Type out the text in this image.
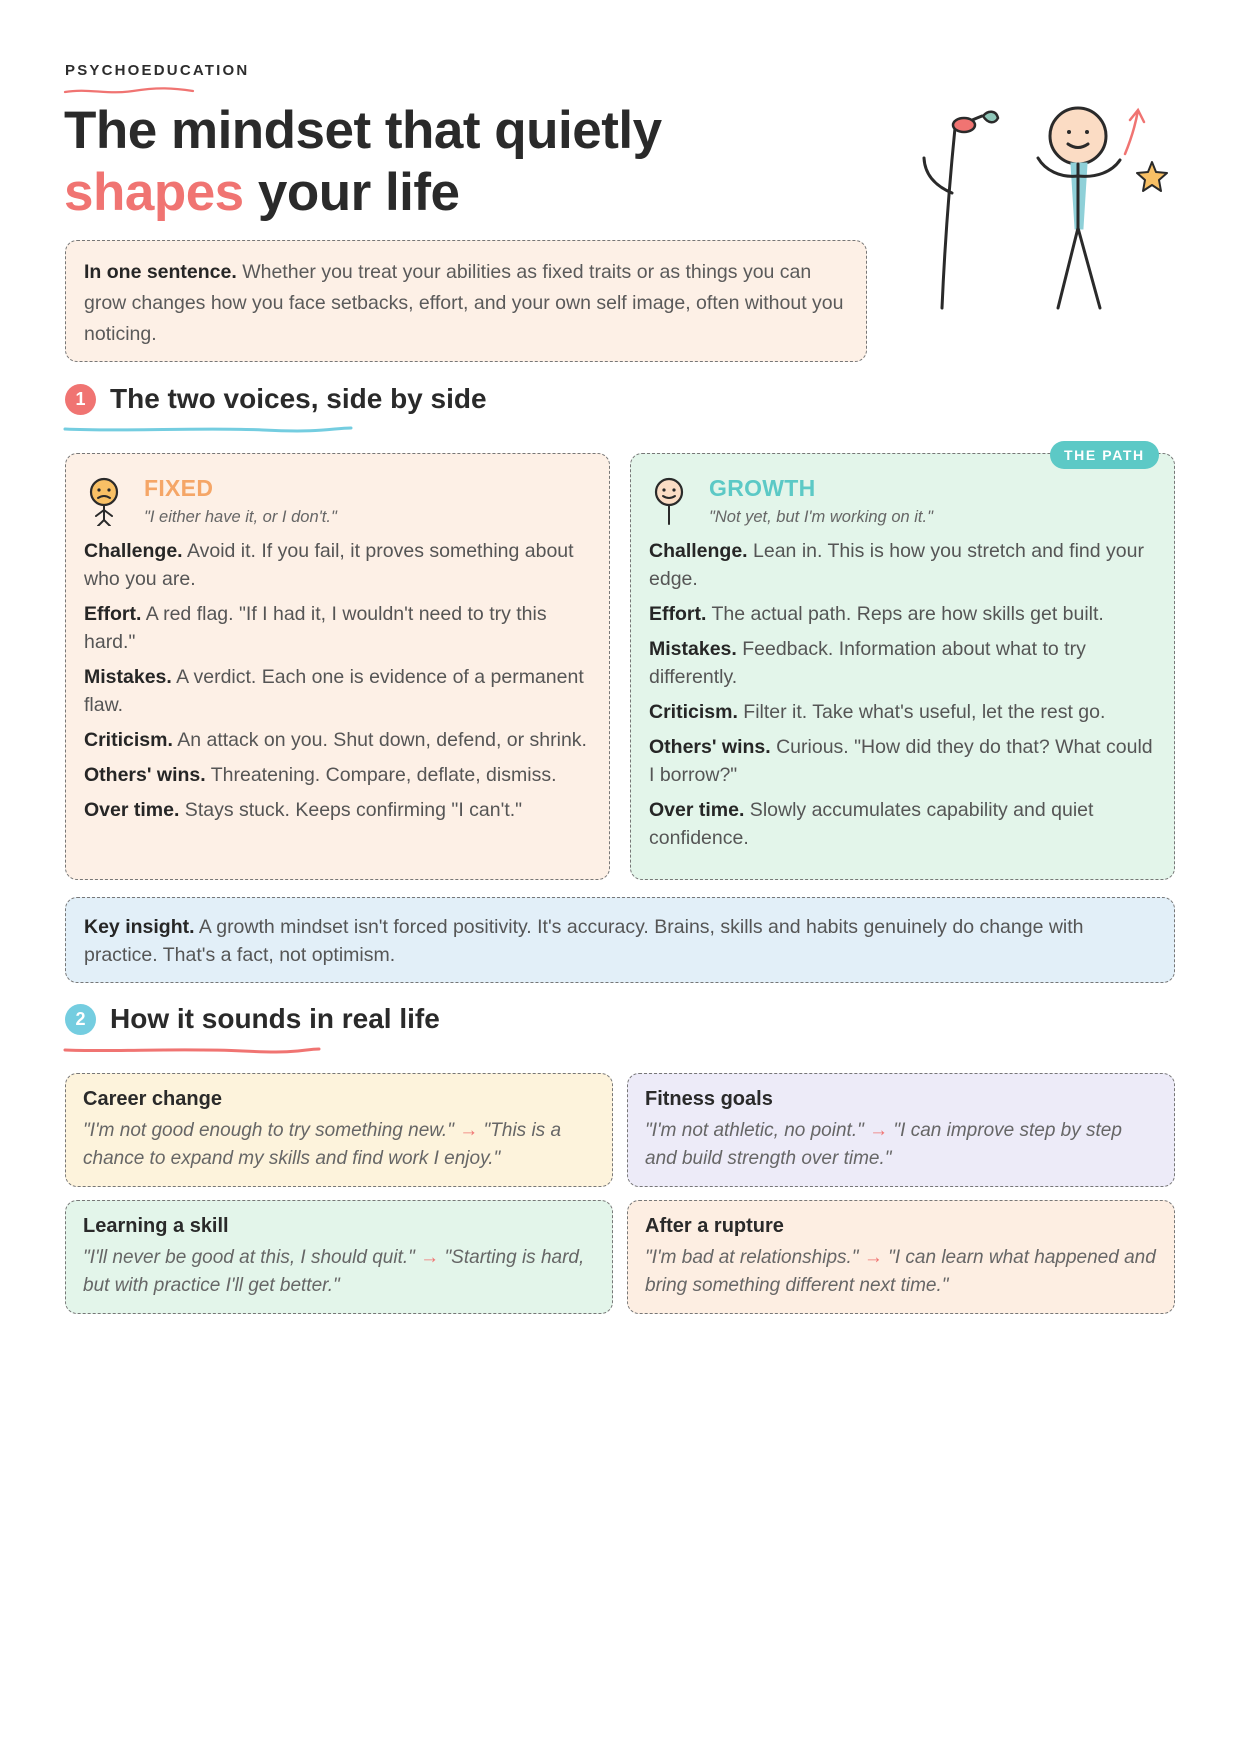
PSYCHOEDUCATION
The mindset that quietly
shapes your life
In one sentence. Whether you treat your abilities as fixed traits or as things you can grow changes how you face setbacks, effort, and your own self image, often without you noticing.
1 The two voices, side by side
FIXED
"I either have it, or I don't."
Challenge. Avoid it. If you fail, it proves something about who you are.
Effort. A red flag. "If I had it, I wouldn't need to try this hard."
Mistakes. A verdict. Each one is evidence of a permanent flaw.
Criticism. An attack on you. Shut down, defend, or shrink.
Others' wins. Threatening. Compare, deflate, dismiss.
Over time. Stays stuck. Keeps confirming "I can't."
GROWTH
"Not yet, but I'm working on it."
Challenge. Lean in. This is how you stretch and find your edge.
Effort. The actual path. Reps are how skills get built.
Mistakes. Feedback. Information about what to try differently.
Criticism. Filter it. Take what's useful, let the rest go.
Others' wins. Curious. "How did they do that? What could I borrow?"
Over time. Slowly accumulates capability and quiet confidence.
THE PATH
Key insight. A growth mindset isn't forced positivity. It's accuracy. Brains, skills and habits genuinely do change with practice. That's a fact, not optimism.
2 How it sounds in real life
Career change
"I'm not good enough to try something new." → "This is a chance to expand my skills and find work I enjoy."
Fitness goals
"I'm not athletic, no point." → "I can improve step by step and build strength over time."
Learning a skill
"I'll never be good at this, I should quit." → "Starting is hard, but with practice I'll get better."
After a rupture
"I'm bad at relationships." → "I can learn what happened and bring something different next time."
